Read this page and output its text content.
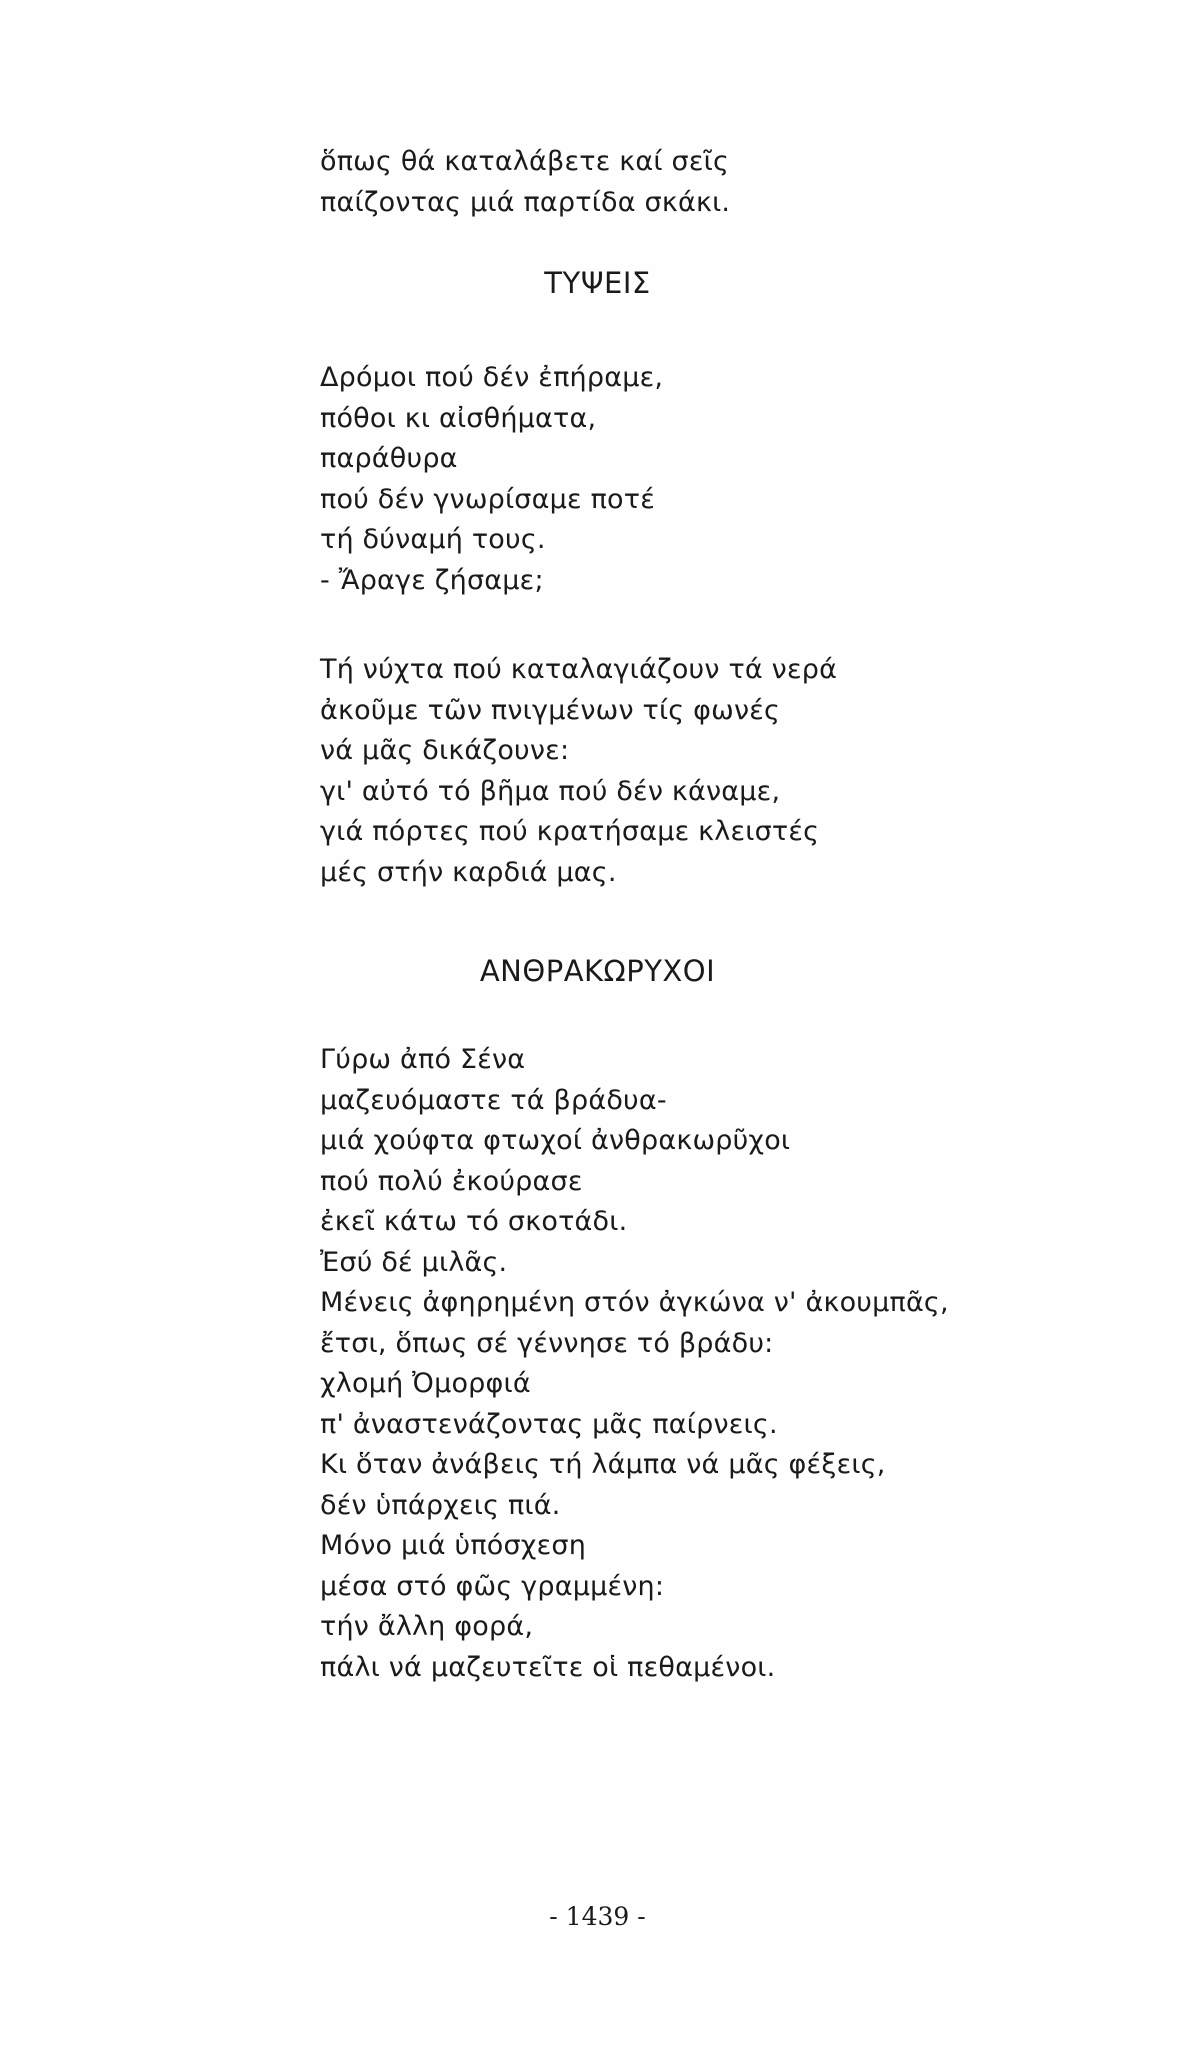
ὅπως θά καταλάβετε καί σεῖς
παίζοντας μιά παρτίδα σκάκι.
ΤΥΨΕΙΣ
Δρόμοι πού δέν ἐπήραμε,
πόθοι κι αἰσθήματα,
παράθυρα
πού δέν γνωρίσαμε ποτέ
τή δύναμή τους.
- Ἄραγε ζήσαμε;
Τή νύχτα πού καταλαγιάζουν τά νερά
ἀκοῦμε τῶν πνιγμένων τίς φωνές
νά μᾶς δικάζουνε:
γι' αὐτό τό βῆμα πού δέν κάναμε,
γιά πόρτες πού κρατήσαμε κλειστές
μές στήν καρδιά μας.
ΑΝΘΡΑΚΩΡΥΧΟΙ
Γύρω ἀπό Σένα
μαζευόμαστε τά βράδυα-
μιά χούφτα φτωχοί ἀνθρακωρῦχοι
πού πολύ ἐκούρασε
ἐκεῖ κάτω τό σκοτάδι.
Ἐσύ δέ μιλᾶς.
Μένεις ἀφηρημένη στόν ἀγκώνα ν' ἀκουμπᾶς,
ἔτσι, ὅπως σέ γέννησε τό βράδυ:
χλομή Ὀμορφιά
π' ἀναστενάζοντας μᾶς παίρνεις.
Κι ὅταν ἀνάβεις τή λάμπα νά μᾶς φέξεις,
δέν ὑπάρχεις πιά.
Μόνο μιά ὑπόσχεση
μέσα στό φῶς γραμμένη:
τήν ἄλλη φορά,
πάλι νά μαζευτεῖτε οἱ πεθαμένοι.
- 1439 -
